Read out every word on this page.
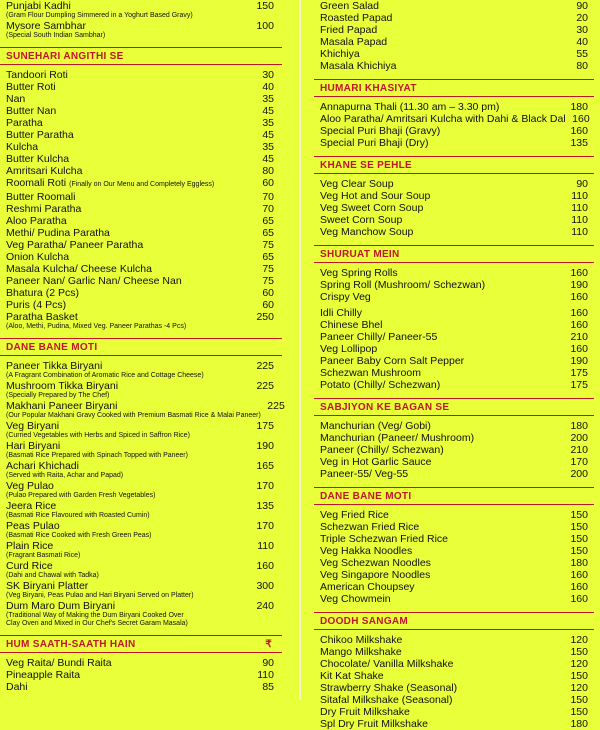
Punjabi Kadhi
(Gram Flour Dumpling Simmered in a Yoghurt Based Gravy)
150
Mysore Sambhar
(Special South Indian Sambhar)
100
SUNEHARI ANGITHI SE
Tandoori Roti	30
Butter Roti	40
Nan	35
Butter Nan	45
Paratha	35
Butter Paratha	45
Kulcha	35
Butter Kulcha	45
Amritsari Kulcha	80
Roomali Roti (Finally on Our Menu and Completely Eggless)	60
Butter Roomali	70
Reshmi Paratha	70
Aloo Paratha	65
Methi/ Pudina Paratha	65
Veg Paratha/ Paneer Paratha	75
Onion Kulcha	65
Masala Kulcha/ Cheese Kulcha	75
Paneer Nan/ Garlic Nan/ Cheese Nan	75
Bhatura (2 Pcs)	60
Puris (4 Pcs)	60
Paratha Basket
(Aloo, Methi, Pudina, Mixed Veg. Paneer Parathas -4 Pcs)
250
DANE BANE MOTI
Paneer Tikka Biryani
(A Fragrant Combination of Aromatic Rice and Cottage Cheese)
225
Mushroom Tikka Biryani
(Specially Prepared by The Chef)
225
Makhani Paneer Biryani
(Our Popular Makhani Gravy Cooked with Premium Basmati Rice & Malai Paneer)
225
Veg Biryani
(Curried Vegetables with Herbs and Spiced in Saffron Rice)
175
Hari Biryani
(Basmati Rice Prepared with Spinach Topped with Paneer)
190
Achari Khichadi
(Served with Raita, Achar and Papad)
165
Veg Pulao
(Pulao Prepared with Garden Fresh Vegetables)
170
Jeera Rice
(Basmati Rice Flavoured with Roasted Cumin)
135
Peas Pulao
(Basmati Rice Cooked with Fresh Green Peas)
170
Plain Rice
(Fragrant Basmati Rice)
110
Curd Rice
(Dahi and Chawal with Tadka)
160
SK Biryani Platter
(Veg Biryani, Peas Pulao and Hari Biryani Served on Platter)
300
Dum Maro Dum Biryani
(Traditional Way of Making the Dum Biryani Cooked Over
Clay Oven and Mixed in Our Chef's Secret Garam Masala)
240
HUM SAATH-SAATH HAIN	₹
Veg Raita/ Bundi Raita	90
Pineapple Raita	110
Dahi	85
Green Salad	90
Roasted Papad	20
Fried Papad	30
Masala Papad	40
Khichiya	55
Masala Khichiya	80
HUMARI KHASIYAT
Annapurna Thali (11.30 am – 3.30 pm)	180
Aloo Paratha/ Amritsari Kulcha with Dahi & Black Dal 160
Special Puri Bhaji (Gravy)	160
Special Puri Bhaji (Dry)	135
KHANE SE PEHLE
Veg Clear Soup	90
Veg Hot and Sour Soup	110
Veg Sweet Corn Soup	110
Sweet Corn Soup	110
Veg Manchow Soup	110
SHURUAT MEIN
Veg Spring Rolls	160
Spring Roll (Mushroom/ Schezwan)	190
Crispy Veg	160
Idli Chilly	160
Chinese Bhel	160
Paneer Chilly/ Paneer-55	210
Veg Lollipop	160
Paneer Baby Corn Salt Pepper	190
Schezwan Mushroom	175
Potato (Chilly/ Schezwan)	175
SABJIYON KE BAGAN SE
Manchurian (Veg/ Gobi)	180
Manchurian (Paneer/ Mushroom)	200
Paneer (Chilly/ Schezwan)	210
Veg in Hot Garlic Sauce	170
Paneer-55/ Veg-55	200
DANE BANE MOTI
Veg Fried Rice	150
Schezwan Fried Rice	150
Triple Schezwan Fried Rice	150
Veg Hakka Noodles	150
Veg Schezwan Noodles	180
Veg Singapore Noodles	160
American Choupsey	160
Veg Chowmein	160
DOODH SANGAM
Chikoo Milkshake	120
Mango Milkshake	150
Chocolate/ Vanilla Milkshake	120
Kit Kat Shake	150
Strawberry Shake (Seasonal)	120
Sitafal Milkshake (Seasonal)	150
Dry Fruit Milkshake	150
Spl Dry Fruit Milkshake	180
